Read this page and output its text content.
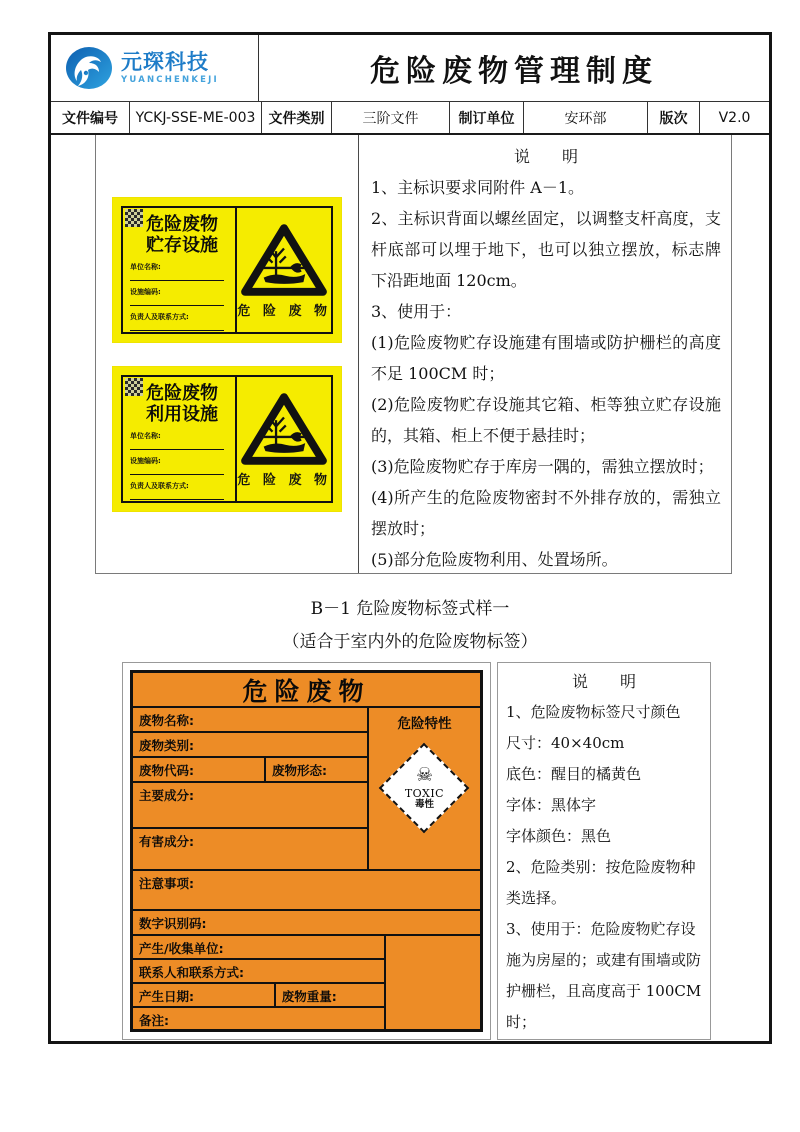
元琛科技
YUANCHENKEJI	危险废物管理制度
文件编号	YCKJ-SSE-ME-003 文件类别	三阶文件	制订单位	安环部	版次	V2.0
危险废物
贮存设施
单位名称:
设施编码:
负责人及联系方式:	危 险 废 物
危险废物
利用设施
单位名称:
设施编码:
负责人及联系方式:	危 险 废 物
说　　明
1、主标识要求同附件 A－1。
2、主标识背面以螺丝固定，以调整支杆高度，支杆底部可以埋于地下，也可以独立摆放，标志牌下沿距地面 120cm。
3、使用于：
(1)危险废物贮存设施建有围墙或防护栅栏的高度不足 100CM 时；
(2)危险废物贮存设施其它箱、柜等独立贮存设施的，其箱、柜上不便于悬挂时；
(3)危险废物贮存于库房一隅的，需独立摆放时；
(4)所产生的危险废物密封不外排存放的，需独立摆放时；
(5)部分危险废物利用、处置场所。
B－1 危险废物标签式样一
（适合于室内外的危险废物标签）
危险废物
废物名称:
废物类别:
废物代码:	废物形态:
主要成分:
有害成分:
危险特性
☠
TOXIC
毒性
注意事项:
数字识别码:
产生/收集单位:
联系人和联系方式:
产生日期:	废物重量:
备注:
说　　明
1、危险废物标签尺寸颜色
尺寸：40×40cm
底色：醒目的橘黄色
字体：黑体字
字体颜色：黑色
2、危险类别：按危险废物种类选择。
3、使用于：危险废物贮存设施为房屋的；或建有围墙或防护栅栏，且高度高于 100CM 时；
